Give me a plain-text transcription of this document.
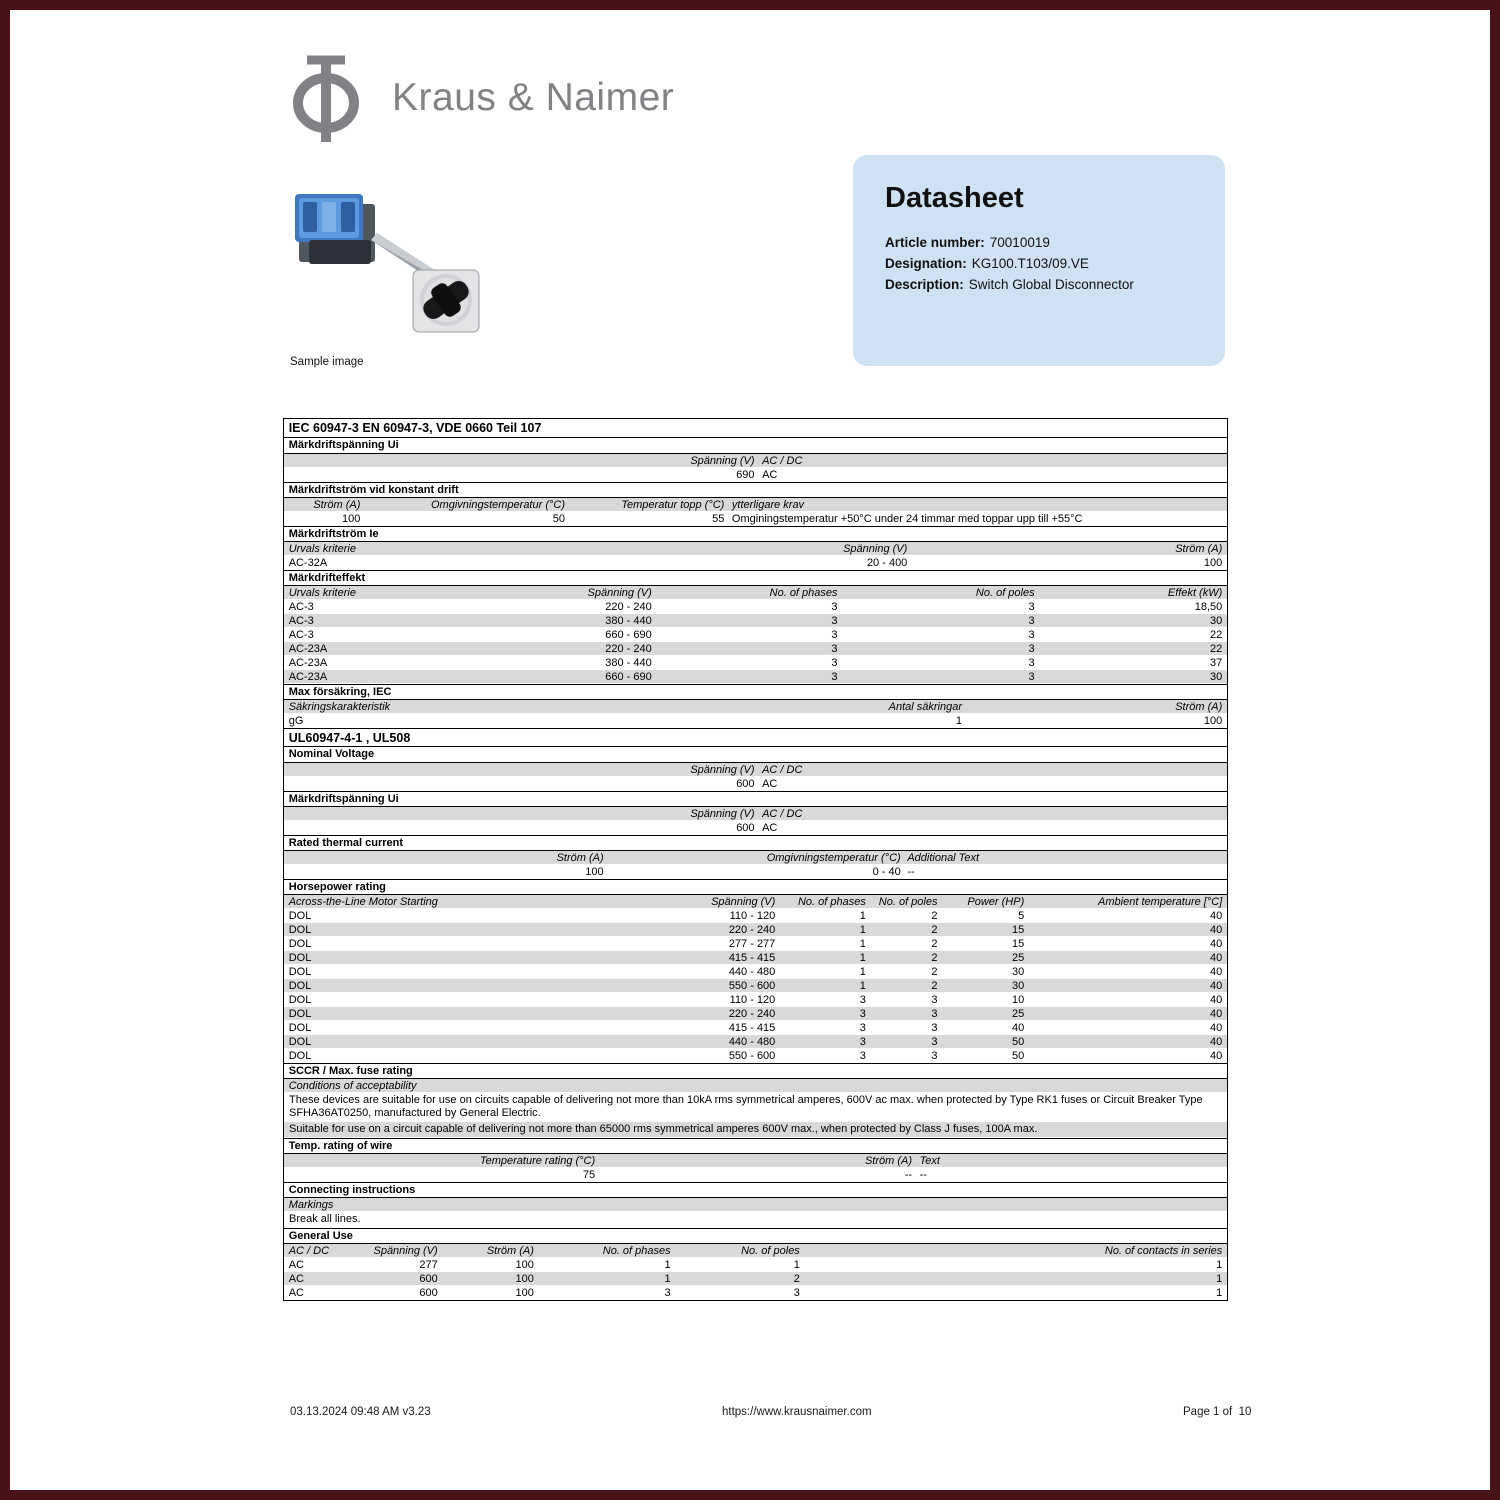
Kraus & Naimer
Sample image
Datasheet
Article number: 70010019
Designation: KG100.T103/09.VE
Description: Switch Global Disconnector
IEC 60947-3 EN 60947-3, VDE 0660 Teil 107
Märkdriftspänning Ui
Spänning (V) AC / DC
690 AC
Märkdriftström vid konstant drift
Ström (A)	Omgivningstemperatur (°C)	Temperatur topp (°C) ytterligare krav
100	50	55 Omginingstemperatur +50°C under 24 timmar med toppar upp till +55°C
Märkdriftström Ie
Urvals kriterie	Spänning (V)	Ström (A)
AC-32A	20 - 400	100
Märkdrifteffekt
Urvals kriterie	Spänning (V)	No. of phases	No. of poles	Effekt (kW)
AC-3	220 - 240	3	3	18,50
AC-3	380 - 440	3	3	30
AC-3	660 - 690	3	3	22
AC-23A	220 - 240	3	3	22
AC-23A	380 - 440	3	3	37
AC-23A	660 - 690	3	3	30
Max försäkring, IEC
Säkringskarakteristik	Antal säkringar	Ström (A)
gG	1	100
UL60947-4-1 , UL508
Nominal Voltage
Spänning (V) AC / DC
600 AC
Märkdriftspänning Ui
Spänning (V) AC / DC
600 AC
Rated thermal current
Ström (A)	Omgivningstemperatur (°C) Additional Text
100	0 - 40 --
Horsepower rating
Across-the-Line Motor Starting	Spänning (V)	No. of phases	No. of poles	Power (HP)	Ambient temperature [°C]
DOL	110 - 120	1	2	5	40
DOL	220 - 240	1	2	15	40
DOL	277 - 277	1	2	15	40
DOL	415 - 415	1	2	25	40
DOL	440 - 480	1	2	30	40
DOL	550 - 600	1	2	30	40
DOL	110 - 120	3	3	10	40
DOL	220 - 240	3	3	25	40
DOL	415 - 415	3	3	40	40
DOL	440 - 480	3	3	50	40
DOL	550 - 600	3	3	50	40
SCCR / Max. fuse rating
Conditions of acceptability
These devices are suitable for use on circuits capable of delivering not more than 10kA rms symmetrical amperes, 600V ac max. when protected by Type RK1 fuses or Circuit Breaker Type SFHA36AT0250, manufactured by General Electric.
Suitable for use on a circuit capable of delivering not more than 65000 rms symmetrical amperes 600V max., when protected by Class J fuses, 100A max.
Temp. rating of wire
Temperature rating (°C)	Ström (A) Text
75	-- --
Connecting instructions
Markings
Break all lines.
General Use
AC / DC	Spänning (V)	Ström (A)	No. of phases	No. of poles	No. of contacts in series
AC	277	100	1	1	1
AC	600	100	1	2	1
AC	600	100	3	3	1
03.13.2024 09:48 AM v3.23	https://www.krausnaimer.com	Page 1 of  10
